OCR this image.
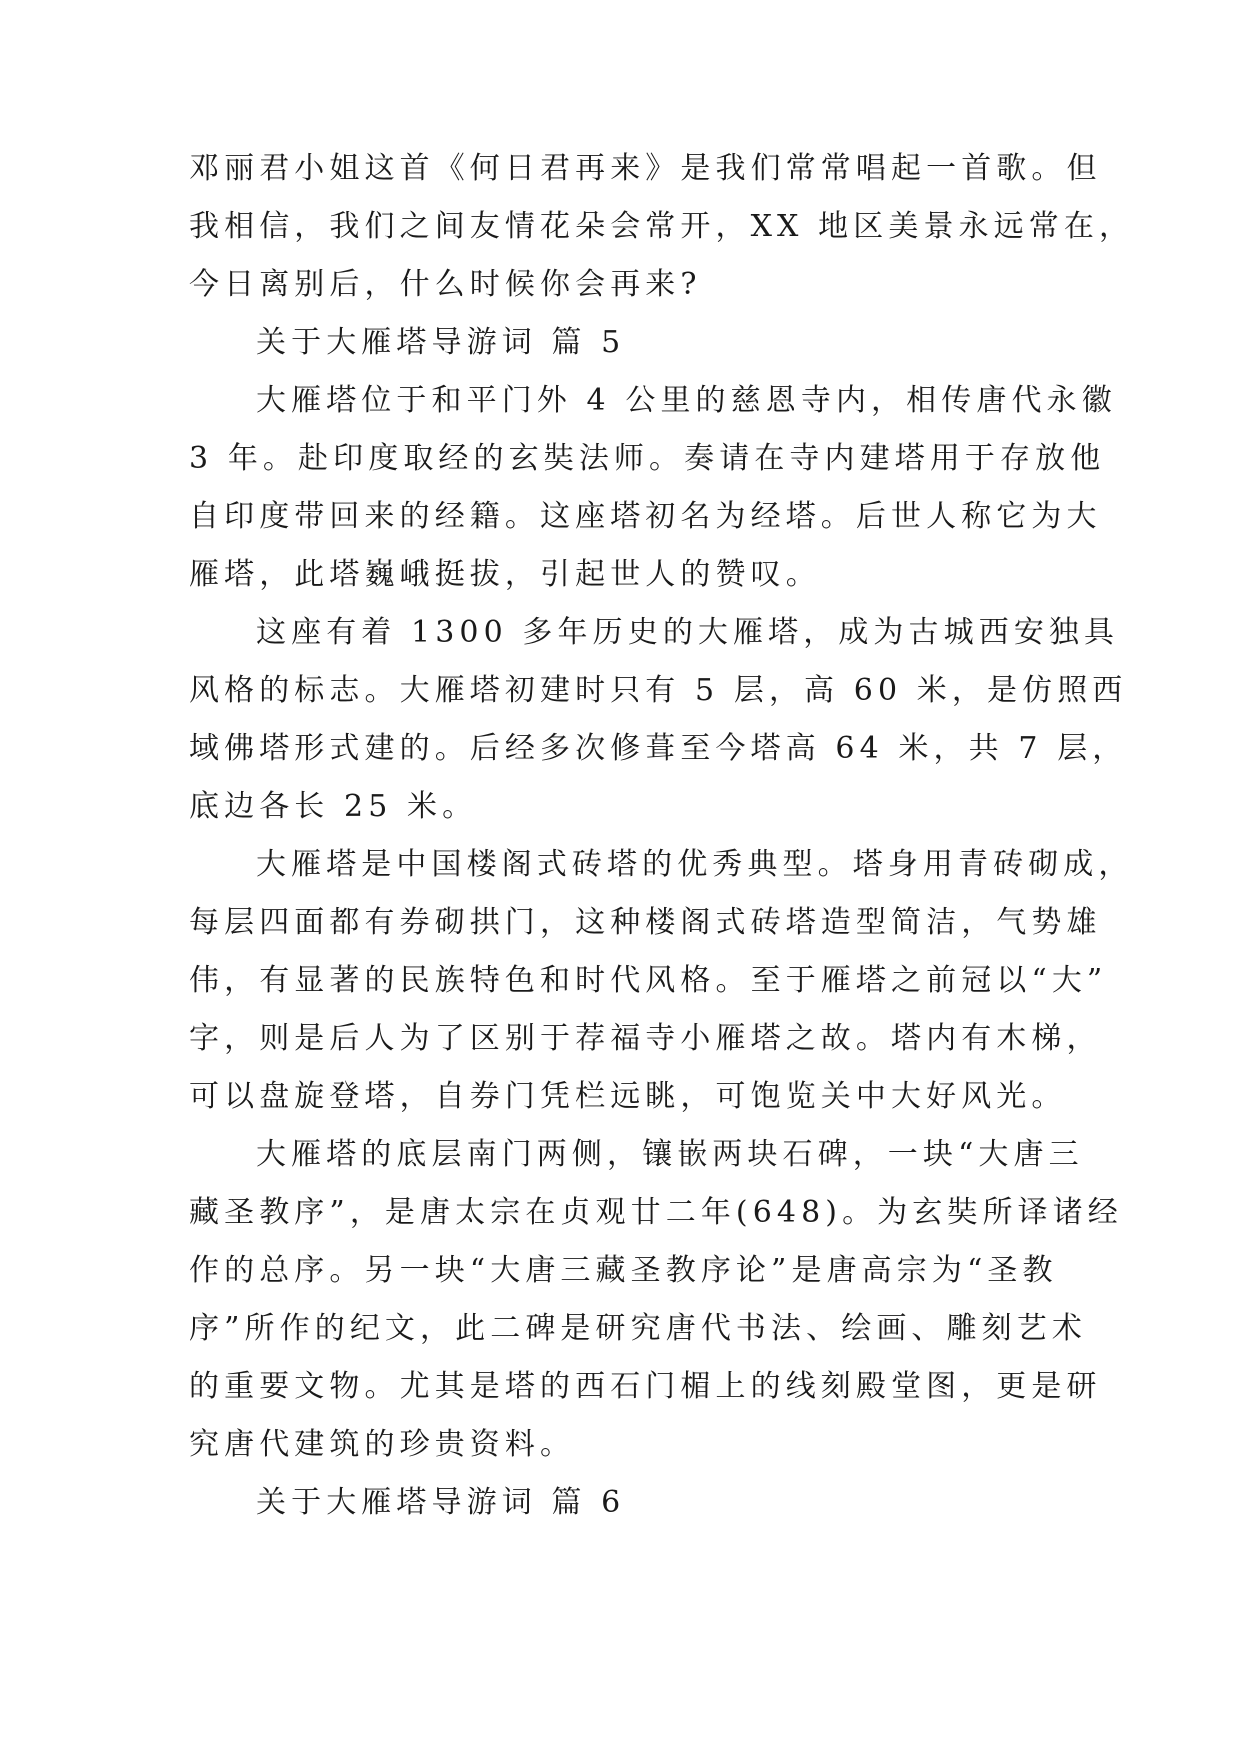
邓丽君小姐这首《何日君再来》是我们常常唱起一首歌。但
我相信，我们之间友情花朵会常开，XX 地区美景永远常在，
今日离别后，什么时候你会再来?
关于大雁塔导游词 篇 5
大雁塔位于和平门外 4 公里的慈恩寺内，相传唐代永徽
3 年。赴印度取经的玄奘法师。奏请在寺内建塔用于存放他
自印度带回来的经籍。这座塔初名为经塔。后世人称它为大
雁塔，此塔巍峨挺拔，引起世人的赞叹。
这座有着 1300 多年历史的大雁塔，成为古城西安独具
风格的标志。大雁塔初建时只有 5 层，高 60 米，是仿照西
域佛塔形式建的。后经多次修葺至今塔高 64 米，共 7 层，
底边各长 25 米。
大雁塔是中国楼阁式砖塔的优秀典型。塔身用青砖砌成，
每层四面都有券砌拱门，这种楼阁式砖塔造型简洁，气势雄
伟，有显著的民族特色和时代风格。至于雁塔之前冠以“大”
字，则是后人为了区别于荐福寺小雁塔之故。塔内有木梯，
可以盘旋登塔，自券门凭栏远眺，可饱览关中大好风光。
大雁塔的底层南门两侧，镶嵌两块石碑，一块“大唐三
藏圣教序”，是唐太宗在贞观廿二年(648)。为玄奘所译诸经
作的总序。另一块“大唐三藏圣教序论”是唐高宗为“圣教
序”所作的纪文，此二碑是研究唐代书法、绘画、雕刻艺术
的重要文物。尤其是塔的西石门楣上的线刻殿堂图，更是研
究唐代建筑的珍贵资料。
关于大雁塔导游词 篇 6
